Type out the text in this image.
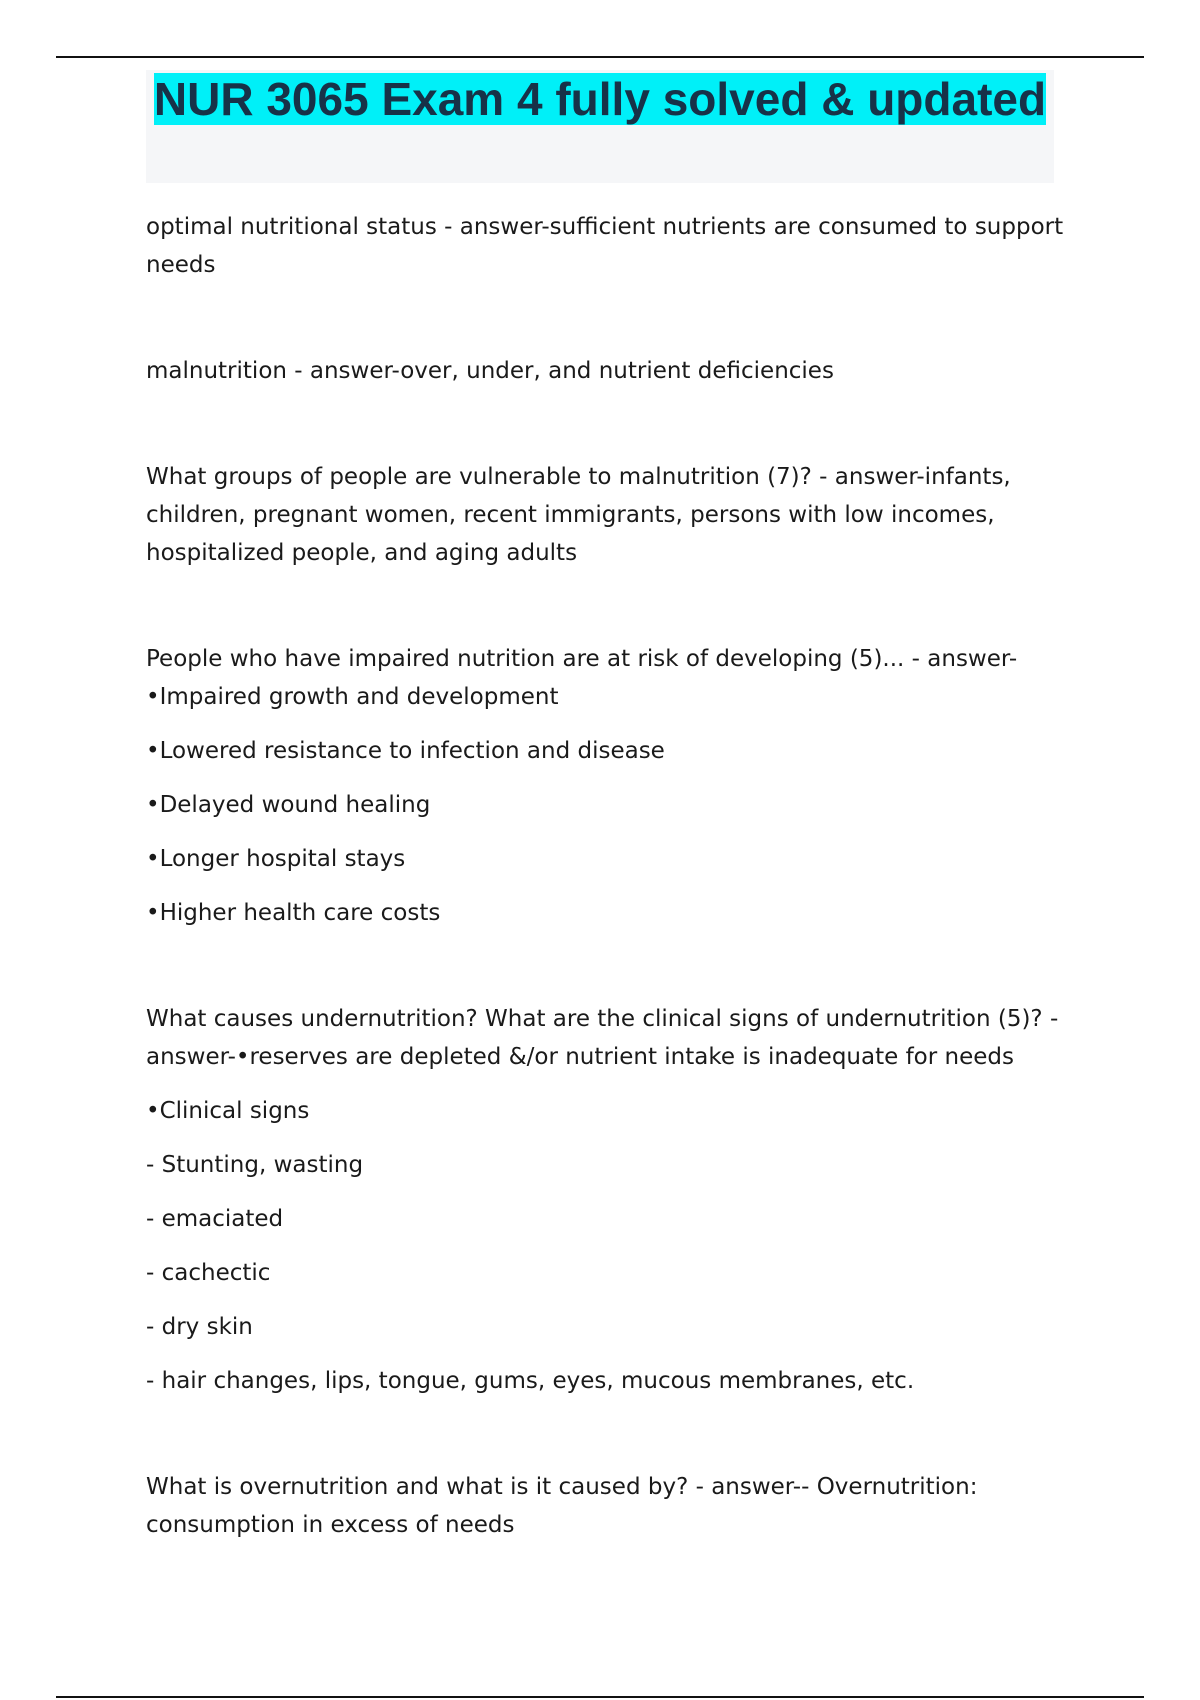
NUR 3065 Exam 4 fully solved & updated

optimal nutritional status - answer-sufficient nutrients are consumed to support needs

malnutrition - answer-over, under, and nutrient deficiencies

What groups of people are vulnerable to malnutrition (7)? - answer-infants, children, pregnant women, recent immigrants, persons with low incomes, hospitalized people, and aging adults

People who have impaired nutrition are at risk of developing (5)... - answer-•Impaired growth and development

•Lowered resistance to infection and disease

•Delayed wound healing

•Longer hospital stays

•Higher health care costs

What causes undernutrition? What are the clinical signs of undernutrition (5)? - answer-•reserves are depleted &/or nutrient intake is inadequate for needs

•Clinical signs

- Stunting, wasting

- emaciated

- cachectic

- dry skin

- hair changes, lips, tongue, gums, eyes, mucous membranes, etc.

What is overnutrition and what is it caused by? - answer-- Overnutrition: consumption in excess of needs
